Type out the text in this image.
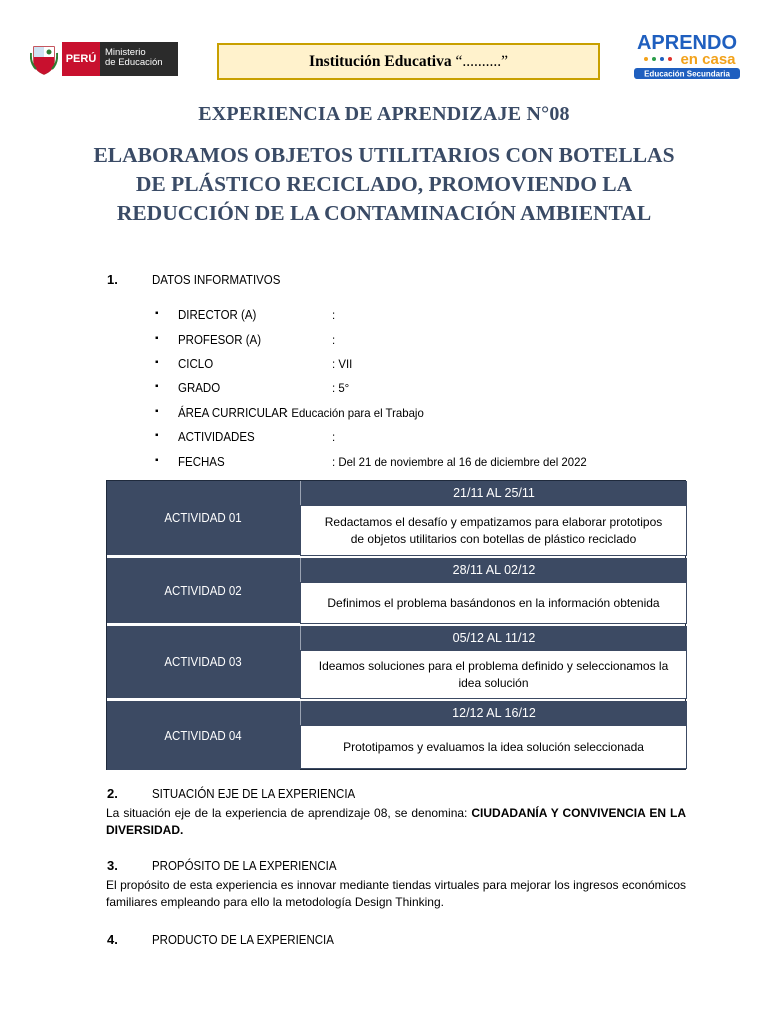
PERÚ
Ministerio
de Educación	Institución Educativa
“..........”
APRENDO
en casa
Educación Secundaria
EXPERIENCIA DE APRENDIZAJE N°08
ELABORAMOS OBJETOS UTILITARIOS CON BOTELLAS DE PLÁSTICO RECICLADO, PROMOVIENDO LA REDUCCIÓN DE LA CONTAMINACIÓN AMBIENTAL
1.	DATOS INFORMATIVOS
▪ DIRECTOR (A)	:
▪ PROFESOR (A)	:
▪ CICLO	: VII
▪ GRADO	: 5°
▪ ÁREA CURRICULAR
: Educación para el Trabajo
▪ ACTIVIDADES	:
▪ FECHAS	: Del 21 de noviembre al 16 de diciembre del 2022
ACTIVIDAD 01
21/11 AL 25/11
Redactamos el desafío y empatizamos para elaborar prototipos de objetos utilitarios con botellas de plástico reciclado
ACTIVIDAD 02
28/11 AL 02/12
Definimos el problema basándonos en la información obtenida
ACTIVIDAD 03
05/12 AL 11/12
Ideamos soluciones para el problema definido y seleccionamos la idea solución
ACTIVIDAD 04
12/12 AL 16/12
Prototipamos y evaluamos la idea solución seleccionada
2.	SITUACIÓN EJE DE LA EXPERIENCIA
La situación eje de la experiencia de aprendizaje 08, se denomina: CIUDADANÍA Y CONVIVENCIA EN LA DIVERSIDAD.
3.	PROPÓSITO DE LA EXPERIENCIA
El propósito de esta experiencia es innovar mediante tiendas virtuales para mejorar los ingresos económicos familiares empleando para ello la metodología Design Thinking.
4.	PRODUCTO DE LA EXPERIENCIA
